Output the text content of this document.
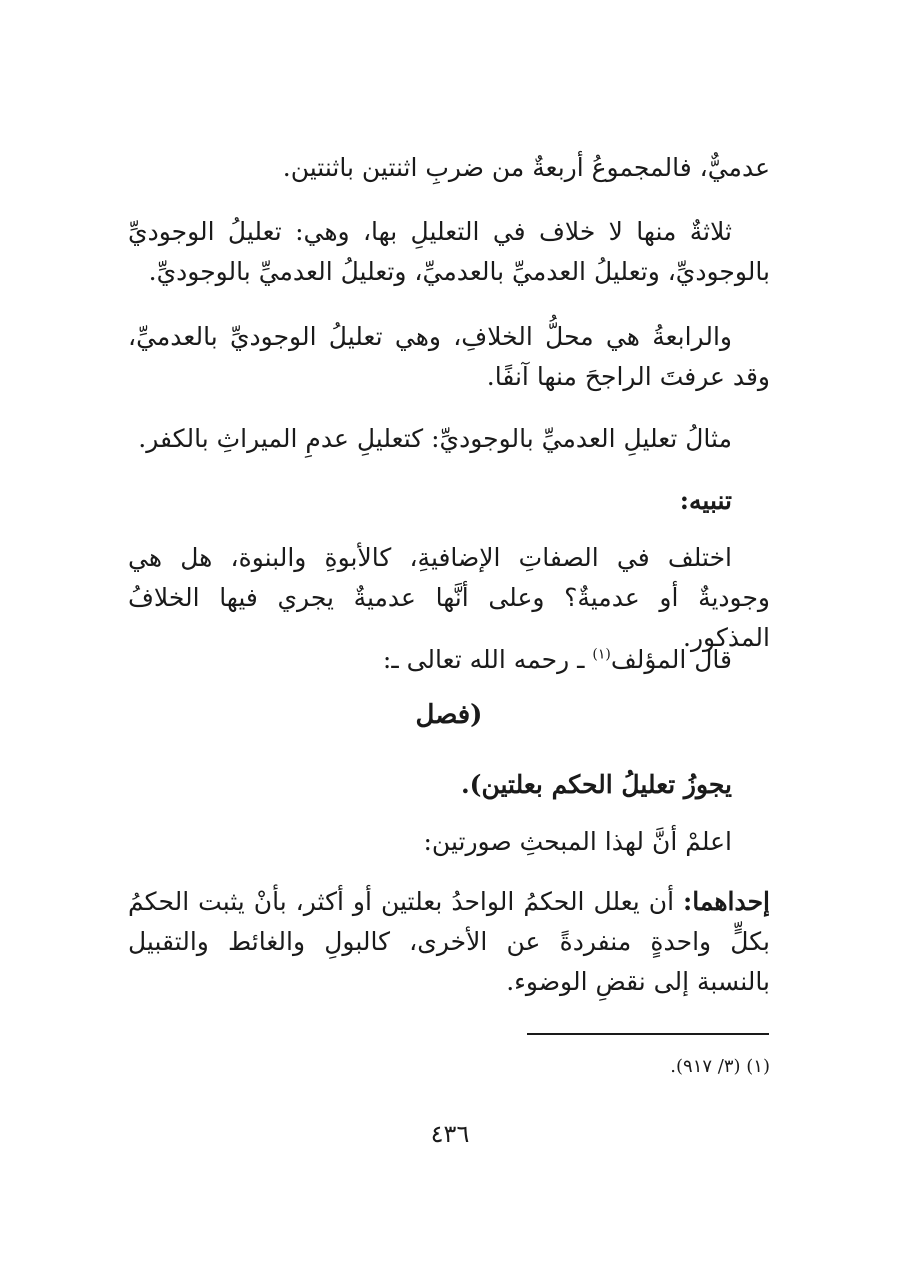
عدميٌّ، فالمجموعُ أربعةٌ من ضربِ اثنتين باثنتين.

ثلاثةٌ منها لا خلاف في التعليلِ بها، وهي: تعليلُ الوجوديِّ بالوجوديِّ، وتعليلُ العدميِّ بالعدميِّ، وتعليلُ العدميِّ بالوجوديِّ.

والرابعةُ هي محلُّ الخلافِ، وهي تعليلُ الوجوديِّ بالعدميِّ، وقد عرفتَ الراجحَ منها آنفًا.

مثالُ تعليلِ العدميِّ بالوجوديِّ: كتعليلِ عدمِ الميراثِ بالكفر.

تنبيه:

اختلف في الصفاتِ الإضافيةِ، كالأبوةِ والبنوة، هل هي وجوديةٌ أو عدميةٌ؟ وعلى أنَّها عدميةٌ يجري فيها الخلافُ المذكور.

قال المؤلف$^{(١)}$ ـ رحمه الله تعالى ـ:

(فصل

يجوزُ تعليلُ الحكم بعلتين).

اعلمْ أنَّ لهذا المبحثِ صورتين:

إحداهما: أن يعلل الحكمُ الواحدُ بعلتين أو أكثر، بأنْ يثبت الحكمُ بكلٍّ واحدةٍ منفردةً عن الأخرى، كالبولِ والغائط والتقبيل بالنسبة إلى نقضِ الوضوء.

(١) (٣/ ٩١٧).
٤٣٦
